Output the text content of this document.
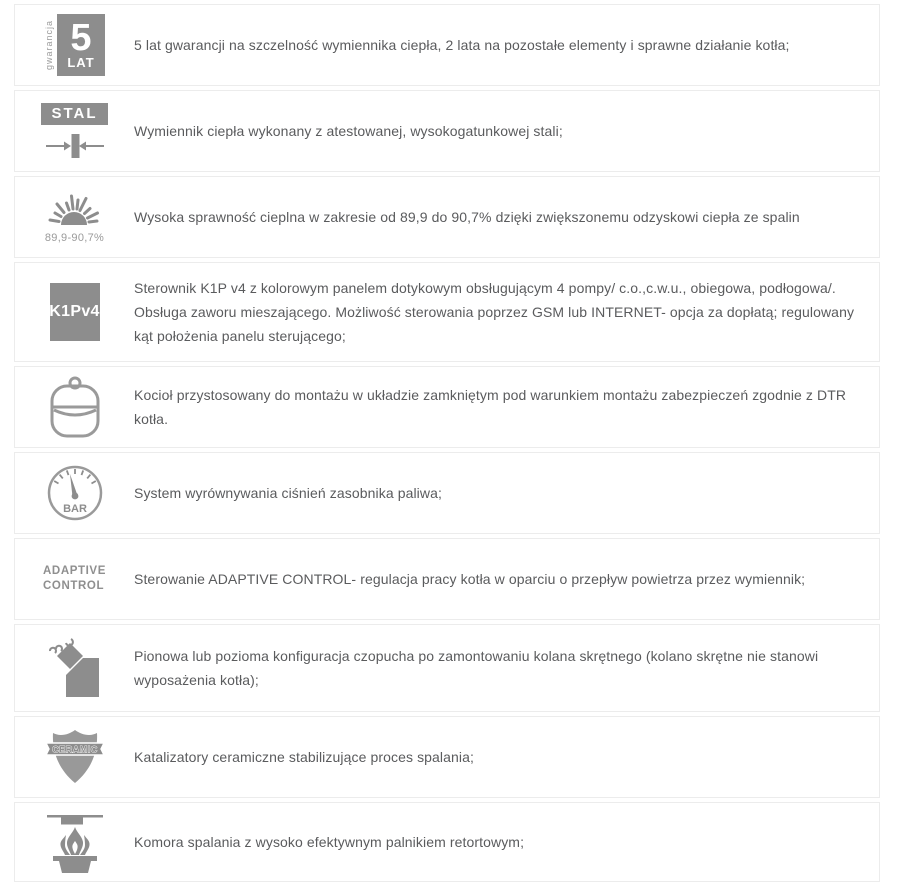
gwarancja 5
LAT
5 lat gwarancji na szczelność wymiennika ciepła, 2 lata na pozostałe elementy i sprawne działanie kotła;
STAL
Wymiennik ciepła wykonany z atestowanej, wysokogatunkowej stali;
89,9-90,7%
Wysoka sprawność cieplna w zakresie od 89,9 do 90,7% dzięki zwiększonemu odzyskowi ciepła ze spalin
K1Pv4
Sterownik K1P v4 z kolorowym panelem dotykowym obsługującym 4 pompy/ c.o.,c.w.u., obiegowa, podłogowa/. Obsługa zaworu mieszającego. Możliwość sterowania poprzez GSM lub INTERNET- opcja za dopłatą; regulowany kąt położenia panelu sterującego;
Kocioł przystosowany do montażu w układzie zamkniętym pod warunkiem montażu zabezpieczeń zgodnie z DTR kotła.
BAR
System wyrównywania ciśnień zasobnika paliwa;
ADAPTIVE
CONTROL Sterowanie ADAPTIVE CONTROL- regulacja pracy kotła w oparciu o przepływ powietrza przez wymiennik;
Pionowa lub pozioma konfiguracja czopucha po zamontowaniu kolana skrętnego (kolano skrętne nie stanowi wyposażenia kotła);
CERAMIC	Katalizatory ceramiczne stabilizujące proces spalania;
Komora spalania z wysoko efektywnym palnikiem retortowym;
